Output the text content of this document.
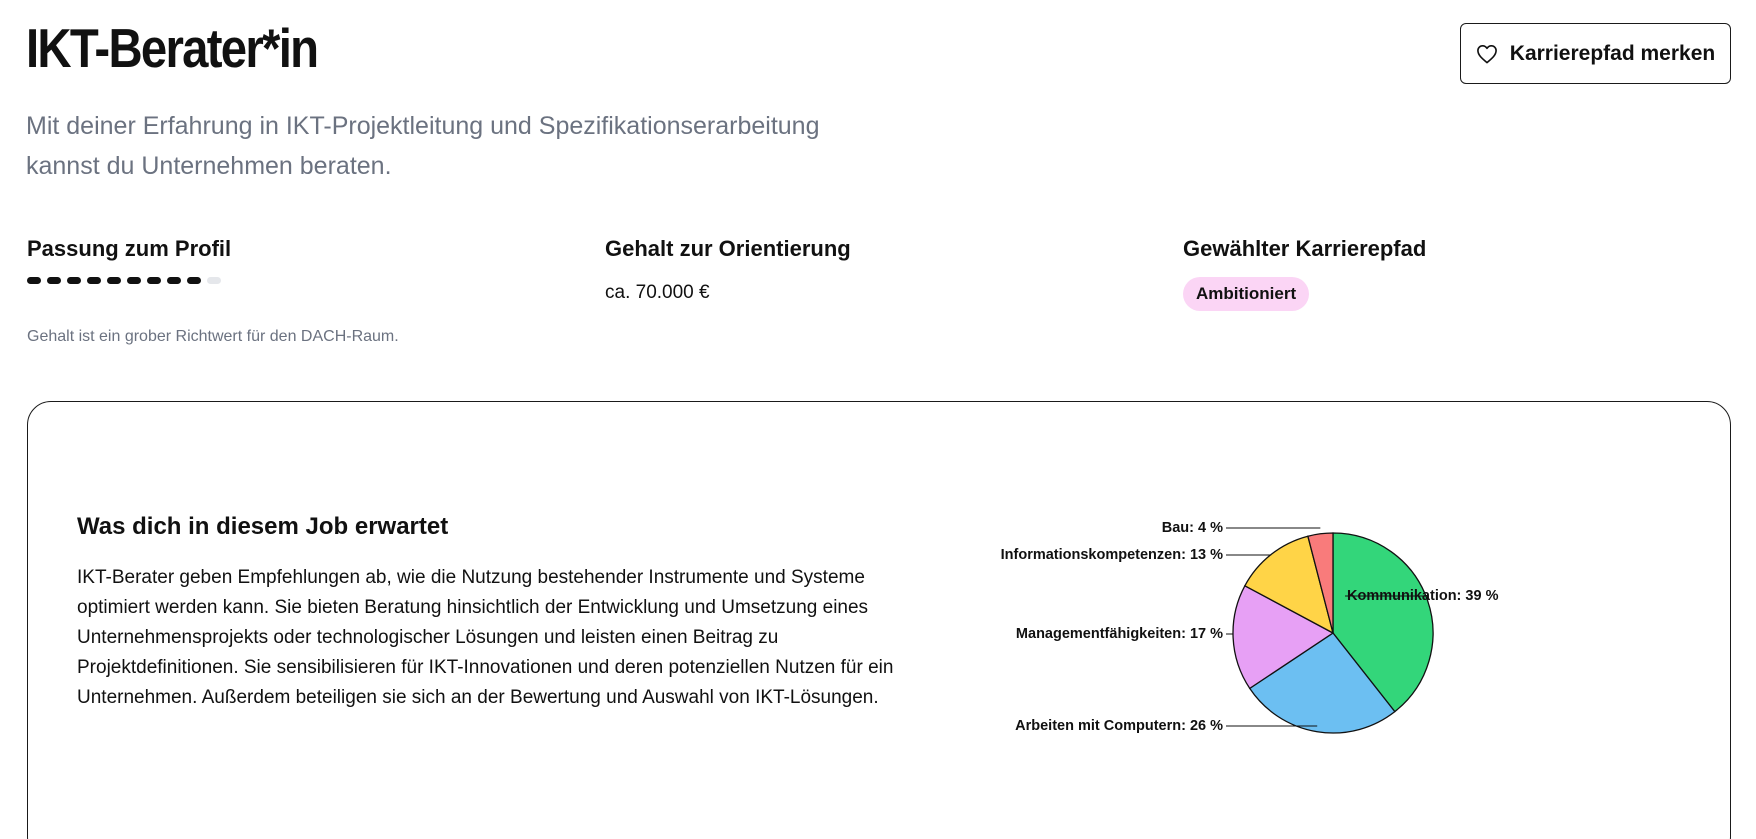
IKT-Berater*in

Mit deiner Erfahrung in IKT-Projektleitung und Spezifikationserarbeitung kannst du Unternehmen beraten.

Karrierepfad merken
Passung zum Profil	Gehalt zur Orientierung
ca. 70.000 €
Gewählter Karrierepfad
Ambitioniert
Gehalt ist ein grober Richtwert für den DACH-Raum.
Was dich in diesem Job erwartet

IKT-Berater geben Empfehlungen ab, wie die Nutzung bestehender Instrumente und Systeme optimiert werden kann. Sie bieten Beratung hinsichtlich der Entwicklung und Umsetzung eines Unternehmensprojekts oder technologischer Lösungen und leisten einen Beitrag zu Projektdefinitionen. Sie sensibilisieren für IKT-Innovationen und deren potenziellen Nutzen für ein Unternehmen. Außerdem beteiligen sie sich an der Bewertung und Auswahl von IKT-Lösungen.

Kommunikation: 39 %
Arbeiten mit Computern: 26 %
Managementfähigkeiten: 17 %
Informationskompetenzen: 13 %
Bau: 4 %
